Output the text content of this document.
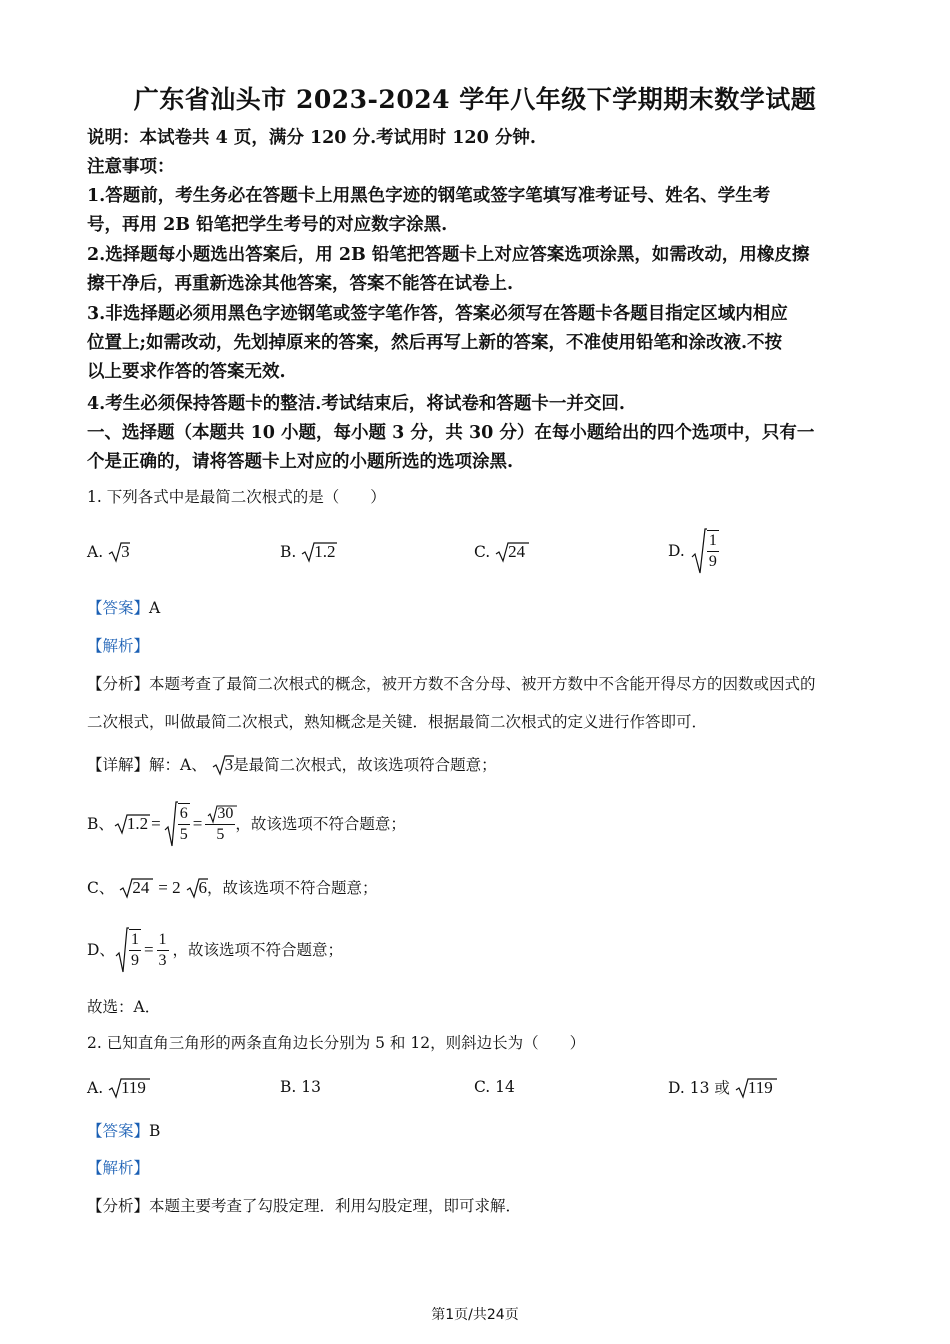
广东省汕头市 2023-2024 学年八年级下学期期末数学试题
说明：本试卷共 4 页，满分 120 分.考试用时 120 分钟.
注意事项：
1.答题前，考生务必在答题卡上用黑色字迹的钢笔或签字笔填写准考证号、姓名、学生考
号，再用 2B 铅笔把学生考号的对应数字涂黑.
2.选择题每小题选出答案后，用 2B 铅笔把答题卡上对应答案选项涂黑，如需改动，用橡皮擦
擦干净后，再重新选涂其他答案，答案不能答在试卷上.
3.非选择题必须用黑色字迹钢笔或签字笔作答，答案必须写在答题卡各题目指定区域内相应
位置上;如需改动，先划掉原来的答案，然后再写上新的答案，不准使用铅笔和涂改液.不按
以上要求作答的答案无效.
4.考生必须保持答题卡的整洁.考试结束后，将试卷和答题卡一并交回.
一、选择题（本题共 10 小题，每小题 3 分，共 30 分）在每小题给出的四个选项中，只有一
个是正确的，请将答题卡上对应的小题所选的选项涂黑.
1. 下列各式中是最简二次根式的是（　　）
A. 3	B. 1.2	C. 24	D. $\frac{1}{9}$
【答案】A
【解析】
【分析】本题考查了最简二次根式的概念，被开方数不含分母、被开方数中不含能开得尽方的因数或因式的
二次根式，叫做最简二次根式，熟知概念是关键．根据最简二次根式的定义进行作答即可．
【详解】解：A、 3是最简二次根式，故该选项符合题意；
B、 $1.2 = \frac{6}{5} = \frac{30}{5}$ ，故该选项不符合题意；
C、 24 = 2 6，故该选项不符合题意；
D、 $\frac{1}{9} = \frac{1}{3}$ ，故该选项不符合题意；
故选：A．
2. 已知直角三角形的两条直角边长分别为 5 和 12，则斜边长为（　　）
A. 119	B. 13	C. 14	D. 13 或 119
【答案】B
【解析】
【分析】本题主要考查了勾股定理．利用勾股定理，即可求解．
第1页/共24页
